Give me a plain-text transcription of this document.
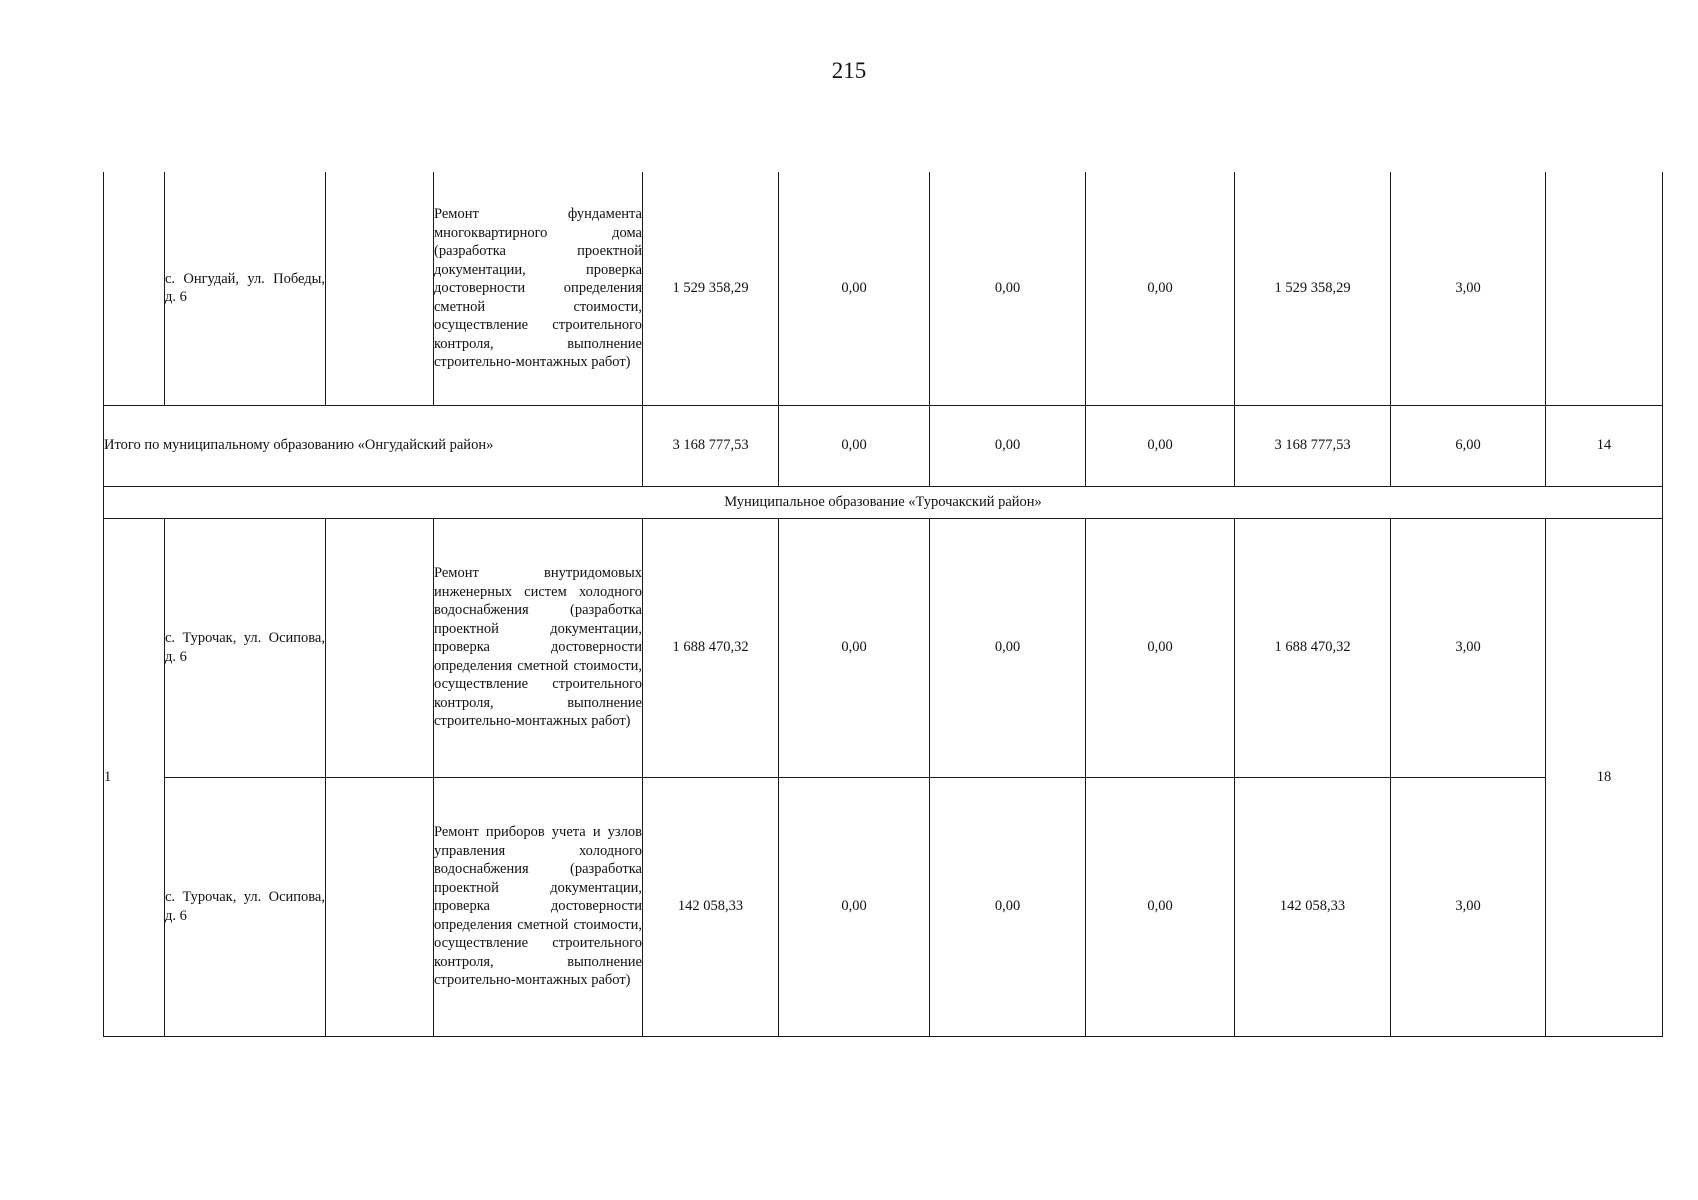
215

	с. Онгудай, ул. Победы, д. 6		Ремонт фундамента многоквартирного дома (разработка проектной документации, проверка достоверности определения сметной стоимости, осуществление строительного контроля, выполнение строительно-монтажных работ)	1 529 358,29	0,00	0,00	0,00	1 529 358,29	3,00	
Итого по муниципальному образованию «Онгудайский район»				3 168 777,53	0,00	0,00	0,00	3 168 777,53	6,00	14
Муниципальное образование «Турочакский район»										
1	с. Турочак, ул. Осипова, д. 6		Ремонт внутридомовых инженерных систем холодного водоснабжения (разработка проектной документации, проверка достоверности определения сметной стоимости, осуществление строительного контроля, выполнение строительно-монтажных работ)	1 688 470,32	0,00	0,00	0,00	1 688 470,32	3,00	18

	с. Турочак, ул. Осипова, д. 6		Ремонт приборов учета и узлов управления холодного водоснабжения (разработка проектной документации, проверка достоверности определения сметной стоимости, осуществление строительного контроля, выполнение строительно-монтажных работ)	142 058,33	0,00	0,00	0,00	142 058,33	3,00	
